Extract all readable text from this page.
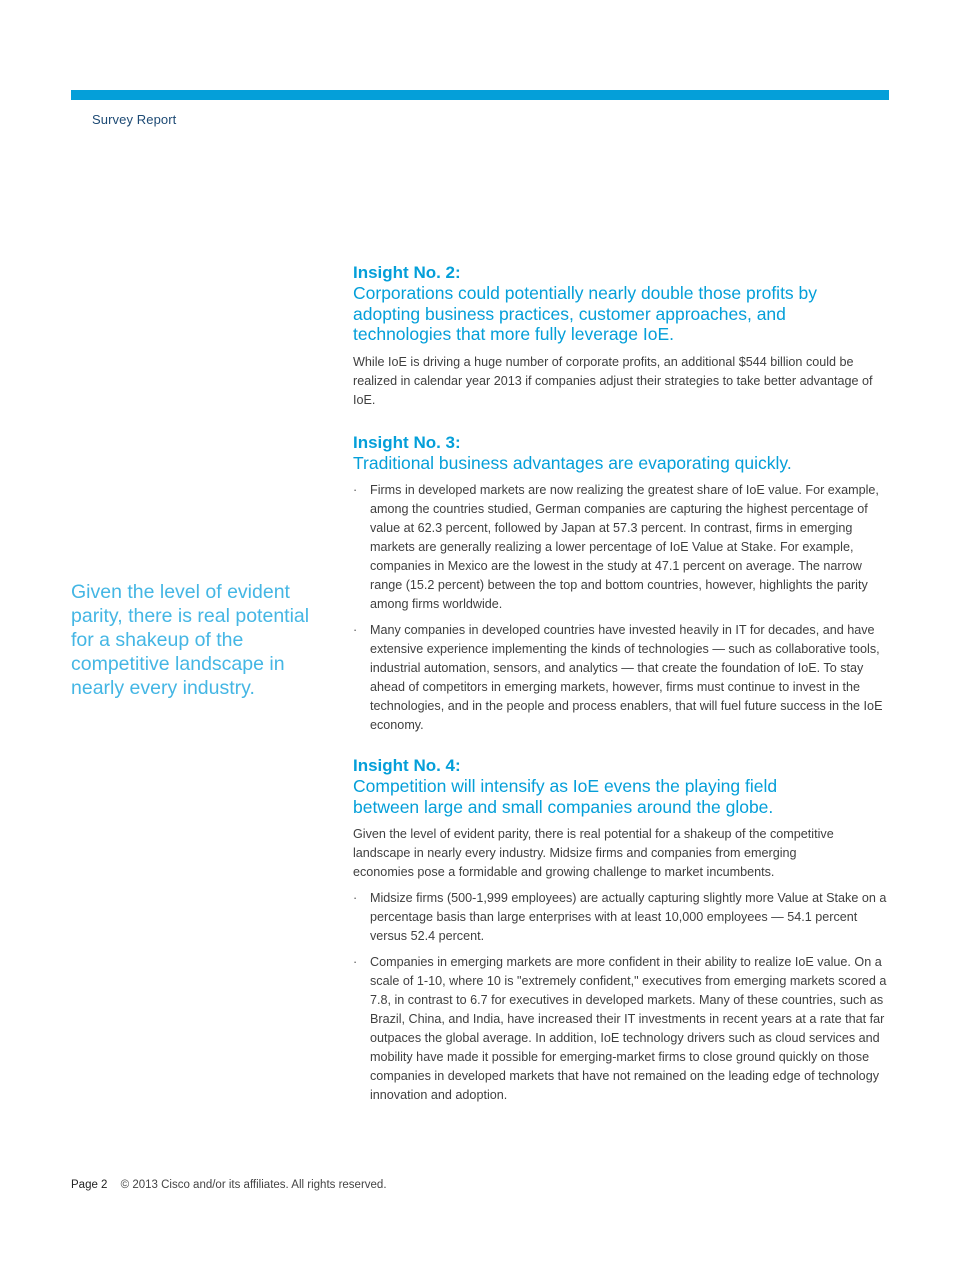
Survey Report
Given the level of evident parity, there is real potential for a shakeup of the competitive landscape in nearly every industry.

Insight No. 2:

Corporations could potentially nearly double those profits by adopting business practices, customer approaches, and technologies that more fully leverage IoE.

While IoE is driving a huge number of corporate profits, an additional $544 billion could be realized in calendar year 2013 if companies adjust their strategies to take better advantage of IoE.

Insight No. 3:

Traditional business advantages are evaporating quickly.

· Firms in developed markets are now realizing the greatest share of IoE value. For example, among the countries studied, German companies are capturing the highest percentage of value at 62.3 percent, followed by Japan at 57.3 percent. In contrast, firms in emerging markets are generally realizing a lower percentage of IoE Value at Stake. For example, companies in Mexico are the lowest in the study at 47.1 percent on average. The narrow range (15.2 percent) between the top and bottom countries, however, highlights the parity among firms worldwide.
· Many companies in developed countries have invested heavily in IT for decades, and have extensive experience implementing the kinds of technologies — such as collaborative tools, industrial automation, sensors, and analytics — that create the foundation of IoE. To stay ahead of competitors in emerging markets, however, firms must continue to invest in the technologies, and in the people and process enablers, that will fuel future success in the IoE economy.

Insight No. 4:

Competition will intensify as IoE evens the playing field between large and small companies around the globe.

Given the level of evident parity, there is real potential for a shakeup of the competitive landscape in nearly every industry. Midsize firms and companies from emerging economies pose a formidable and growing challenge to market incumbents.

· Midsize firms (500-1,999 employees) are actually capturing slightly more Value at Stake on a percentage basis than large enterprises with at least 10,000 employees — 54.1 percent versus 52.4 percent.
· Companies in emerging markets are more confident in their ability to realize IoE value. On a scale of 1-10, where 10 is "extremely confident," executives from emerging markets scored a 7.8, in contrast to 6.7 for executives in developed markets. Many of these countries, such as Brazil, China, and India, have increased their IT investments in recent years at a rate that far outpaces the global average. In addition, IoE technology drivers such as cloud services and mobility have made it possible for emerging-market firms to close ground quickly on those companies in developed markets that have not remained on the leading edge of technology innovation and adoption.
Page 2 © 2013 Cisco and/or its affiliates. All rights reserved.
